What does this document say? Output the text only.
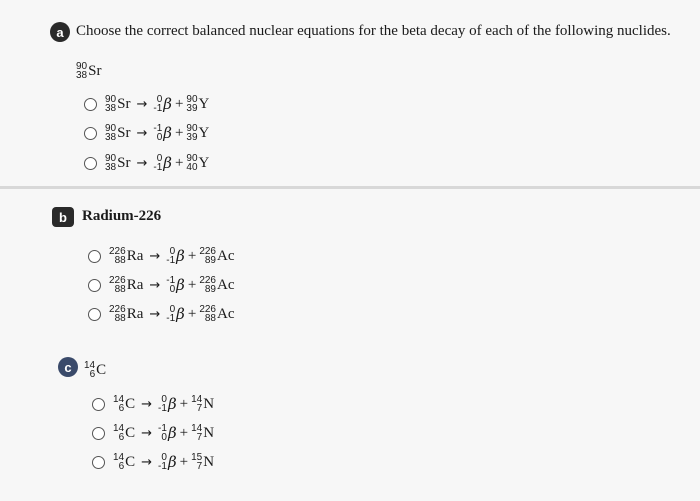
a Choose the correct balanced nuclear equations for the beta decay of each of the following nuclides.
90
38 Sr
90
38 Sr → 0
-1 β + 90
39 Y
90
38 Sr → -1
0 β + 90
39 Y
90
38 Sr → 0
-1 β + 90
40 Y
b	Radium-226
226
88 Ra → 0
-1 β + 226
89 Ac
226
88 Ra → -1
0 β + 226
89 Ac
226
88 Ra → 0
-1 β + 226
88 Ac
c	14
6 C
14
6 C → 0
-1 β + 14
7 N
14
6 C → -1
0 β + 14
7 N
14
6 C → 0
-1 β + 15
7 N
